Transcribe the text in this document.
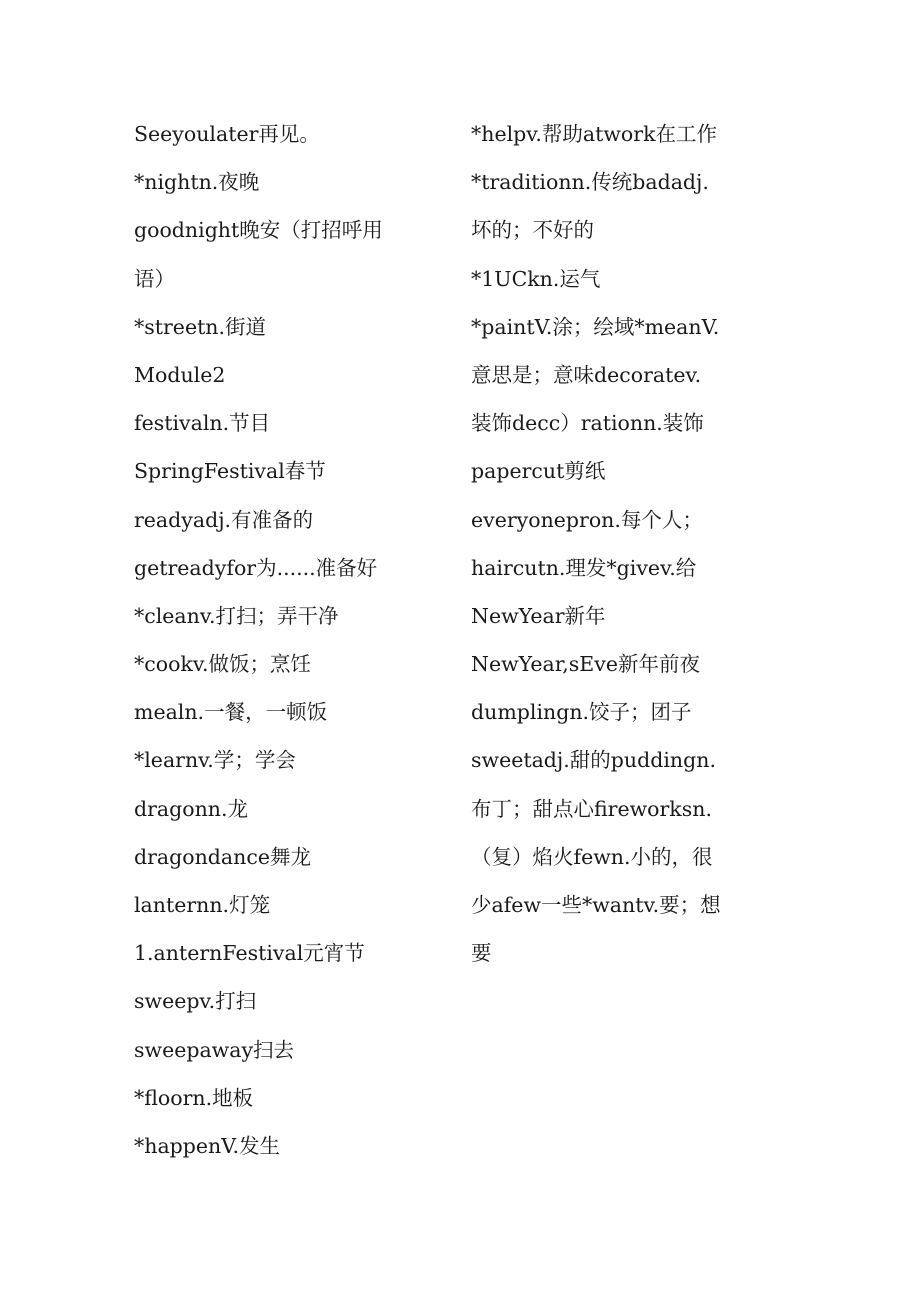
Seeyoulater再见。
*nightn.夜晚
goodnight晚安（打招呼用
语）
*streetn.街道
Module2
festivaln.节目
SpringFestival春节
readyadj.有准备的
getreadyfor为......准备好
*cleanv.打扫；弄干净
*cookv.做饭；烹饪
mealn.一餐，一顿饭
*learnv.学；学会
dragonn.龙
dragondance舞龙
lanternn.灯笼
1.anternFestival元宵节
sweepv.打扫
sweepaway扫去
*floorn.地板
*happenV.发生
*helpv.帮助atwork在工作
*traditionn.传统badadj.
坏的；不好的
*1UCkn.运气
*paintV.涂；绘域*meanV.
意思是；意味decoratev.
装饰decc）rationn.装饰
papercut剪纸
everyonepron.每个人；
haircutn.理发*givev.给
NewYear新年
NewYear,sEve新年前夜
dumplingn.饺子；团子
sweetadj.甜的puddingn.
布丁；甜点心fireworksn.
（复）焰火fewn.小的，很
少afew一些*wantv.要；想
要
